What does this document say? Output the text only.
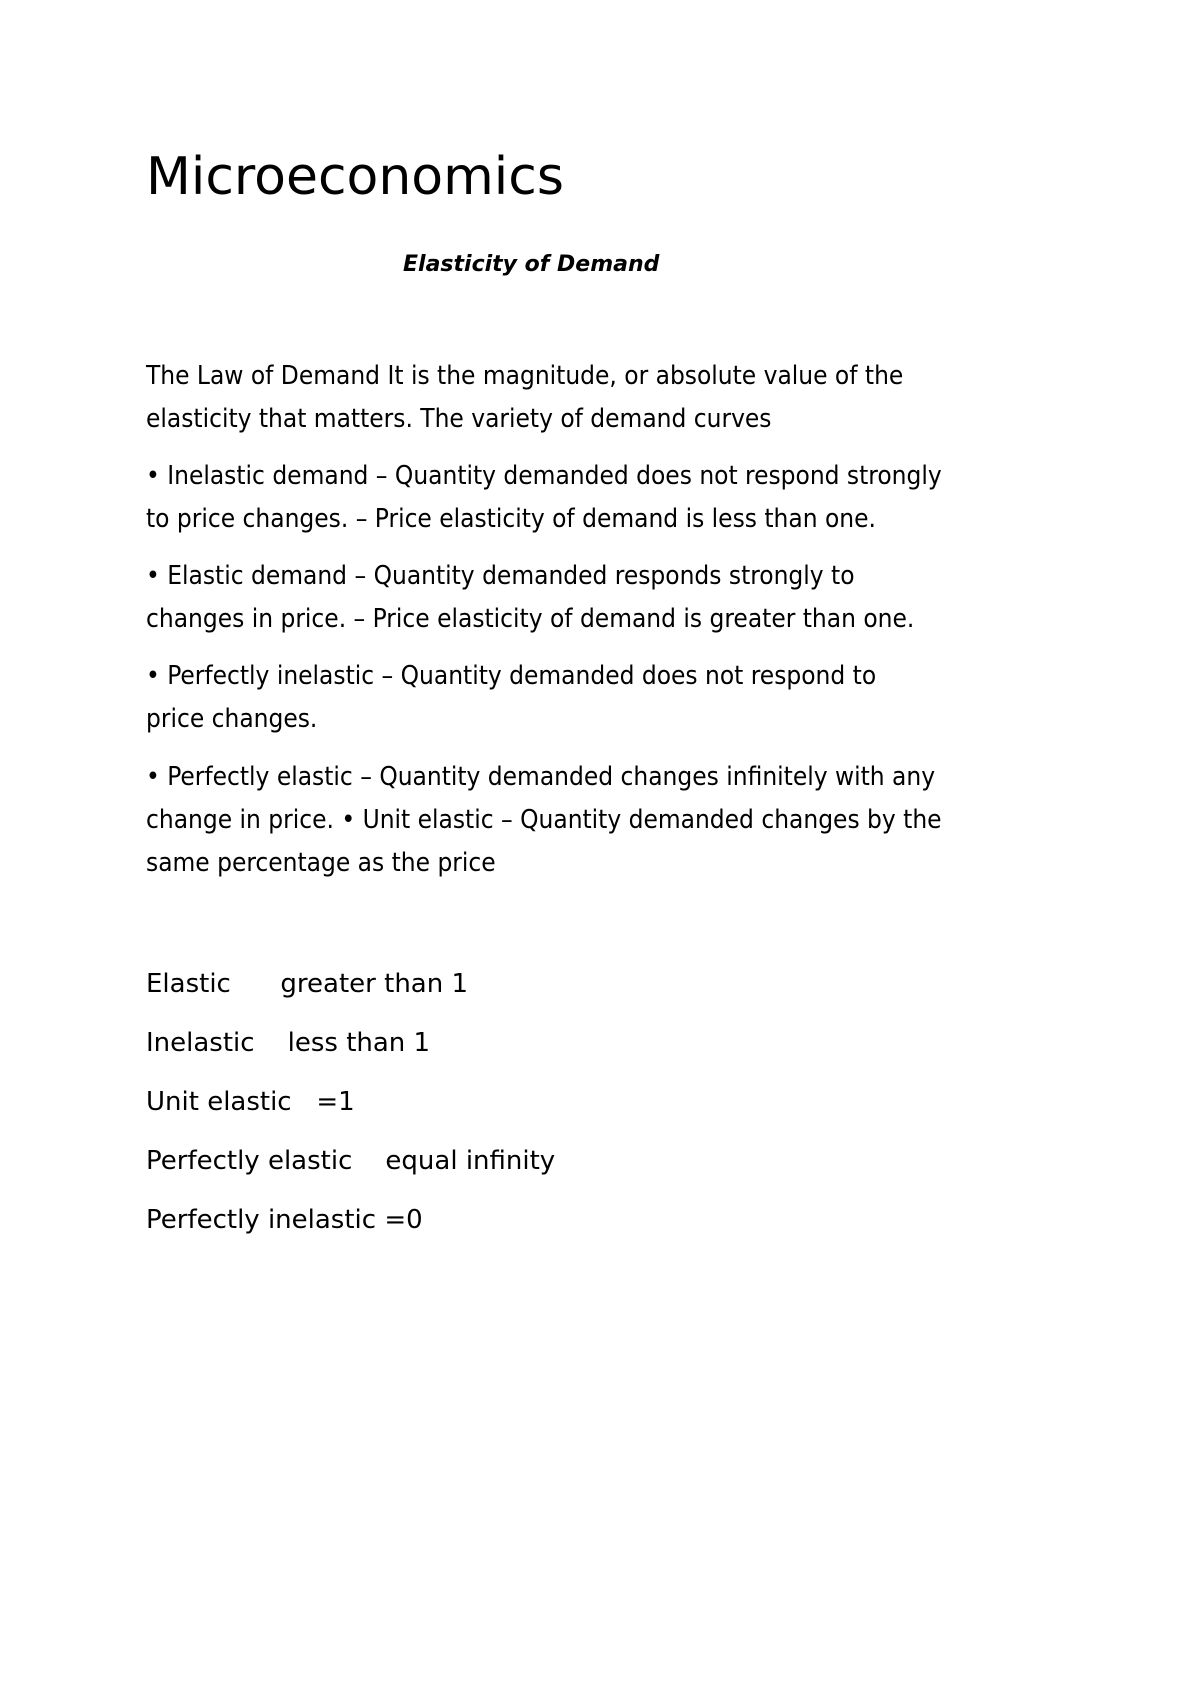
Microeconomics
Elasticity of Demand

The Law of Demand It is the magnitude, or absolute value of the
elasticity that matters. The variety of demand curves

• Inelastic demand – Quantity demanded does not respond strongly
to price changes. – Price elasticity of demand is less than one.

• Elastic demand – Quantity demanded responds strongly to
changes in price. – Price elasticity of demand is greater than one.

• Perfectly inelastic – Quantity demanded does not respond to
price changes.

• Perfectly elastic – Quantity demanded changes infinitely with any
change in price. • Unit elastic – Quantity demanded changes by the
same percentage as the price

Elastic      greater than 1

Inelastic    less than 1

Unit elastic   =1

Perfectly elastic    equal infinity

Perfectly inelastic =0
